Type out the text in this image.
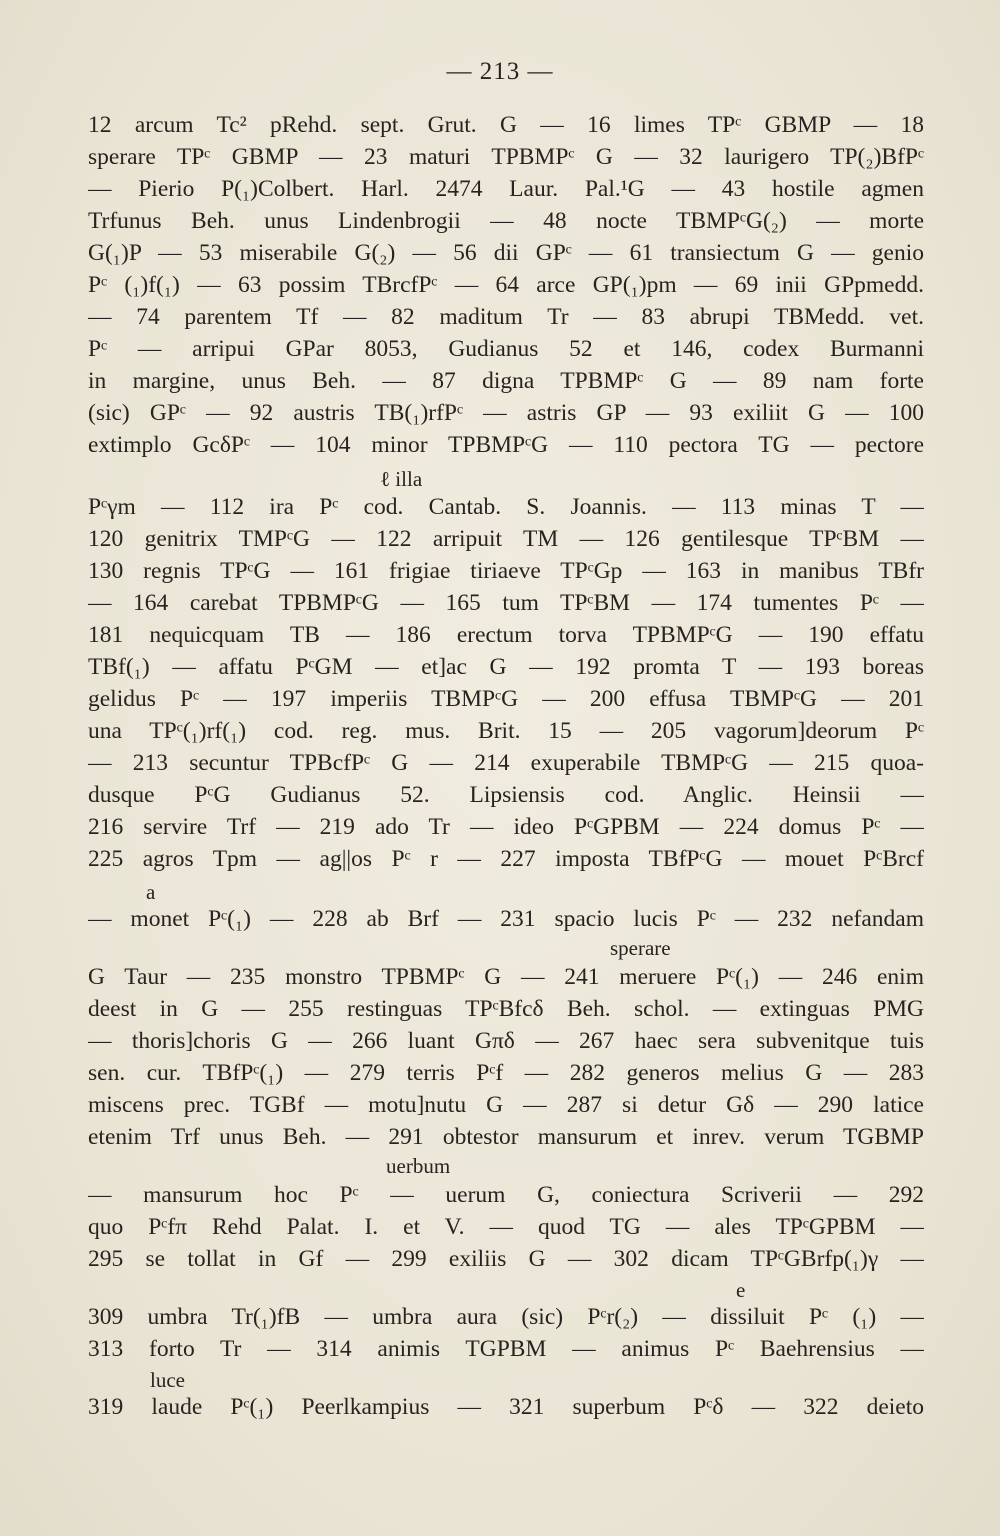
— 213 —
12 arcum Tc² pRehd. sept. Grut. G — 16 limes TPᶜ GBMP — 18
sperare TPᶜ GBMP — 23 maturi TPBMPᶜ G — 32 laurigero TP(₂)BfPᶜ
— Pierio P(₁)Colbert. Harl. 2474 Laur. Pal.¹G — 43 hostile agmen
Trfunus Beh. unus Lindenbrogii — 48 nocte TBMPᶜG(₂) — morte
G(₁)P — 53 miserabile G(₂) — 56 dii GPᶜ — 61 transiectum G — genio
Pᶜ (₁)f(₁) — 63 possim TBrcfPᶜ — 64 arce GP(₁)pm — 69 inii GPpmedd.
— 74 parentem Tf — 82 maditum Tr — 83 abrupi TBMedd. vet.
Pᶜ — arripui GPar 8053, Gudianus 52 et 146, codex Burmanni
in margine, unus Beh. — 87 digna TPBMPᶜ G — 89 nam forte
(sic) GPᶜ — 92 austris TB(₁)rfPᶜ — astris GP — 93 exiliit G — 100
extimplo GcδPᶜ — 104 minor TPBMPᶜG — 110 pectora TG — pectore
ℓ illa
Pᶜγm — 112 ira Pᶜ cod. Cantab. S. Joannis. — 113 minas T —
120 genitrix TMPᶜG — 122 arripuit TM — 126 gentilesque TPᶜBM —
130 regnis TPᶜG — 161 frigiae tiriaeve TPᶜGp — 163 in manibus TBfr
— 164 carebat TPBMPᶜG — 165 tum TPᶜBM — 174 tumentes Pᶜ —
181 nequicquam TB — 186 erectum torva TPBMPᶜG — 190 effatu
TBf(₁) — affatu PᶜGM — et]ac G — 192 promta T — 193 boreas
gelidus Pᶜ — 197 imperiis TBMPᶜG — 200 effusa TBMPᶜG — 201
una TPᶜ(₁)rf(₁) cod. reg. mus. Brit. 15 — 205 vagorum]deorum Pᶜ
— 213 secuntur TPBcfPᶜ G — 214 exuperabile TBMPᶜG — 215 quoa-
dusque PᶜG Gudianus 52. Lipsiensis cod. Anglic. Heinsii —
216 servire Trf — 219 ado Tr — ideo PᶜGPBM — 224 domus Pᶜ —
225 agros Tpm — ag||os Pᶜ r — 227 imposta TBfPᶜG — mouet PᶜBrcf
a
— monet Pᶜ(₁) — 228 ab Brf — 231 spacio lucis Pᶜ — 232 nefandam
sperare
G Taur — 235 monstro TPBMPᶜ G — 241 meruere Pᶜ(₁) — 246 enim
deest in G — 255 restinguas TPᶜBfcδ Beh. schol. — extinguas PMG
— thoris]choris G — 266 luant Gπδ — 267 haec sera subvenitque tuis
sen. cur. TBfPᶜ(₁) — 279 terris Pᶜf — 282 generos melius G — 283
miscens prec. TGBf — motu]nutu G — 287 si detur Gδ — 290 latice
etenim Trf unus Beh. — 291 obtestor mansurum et inrev. verum TGBMP
uerbum
— mansurum hoc Pᶜ — uerum G, coniectura Scriverii — 292
quo Pᶜfπ Rehd Palat. I. et V. — quod TG — ales TPᶜGPBM —
295 se tollat in Gf — 299 exiliis G — 302 dicam TPᶜGBrfp(₁)γ —
e
309 umbra Tr(₁)fB — umbra aura (sic) Pᶜr(₂) — dissiluit Pᶜ (₁) —
313 forto Tr — 314 animis TGPBM — animus Pᶜ Baehrensius —
luce
319 laude Pᶜ(₁) Peerlkampius — 321 superbum Pᶜδ — 322 deieto
